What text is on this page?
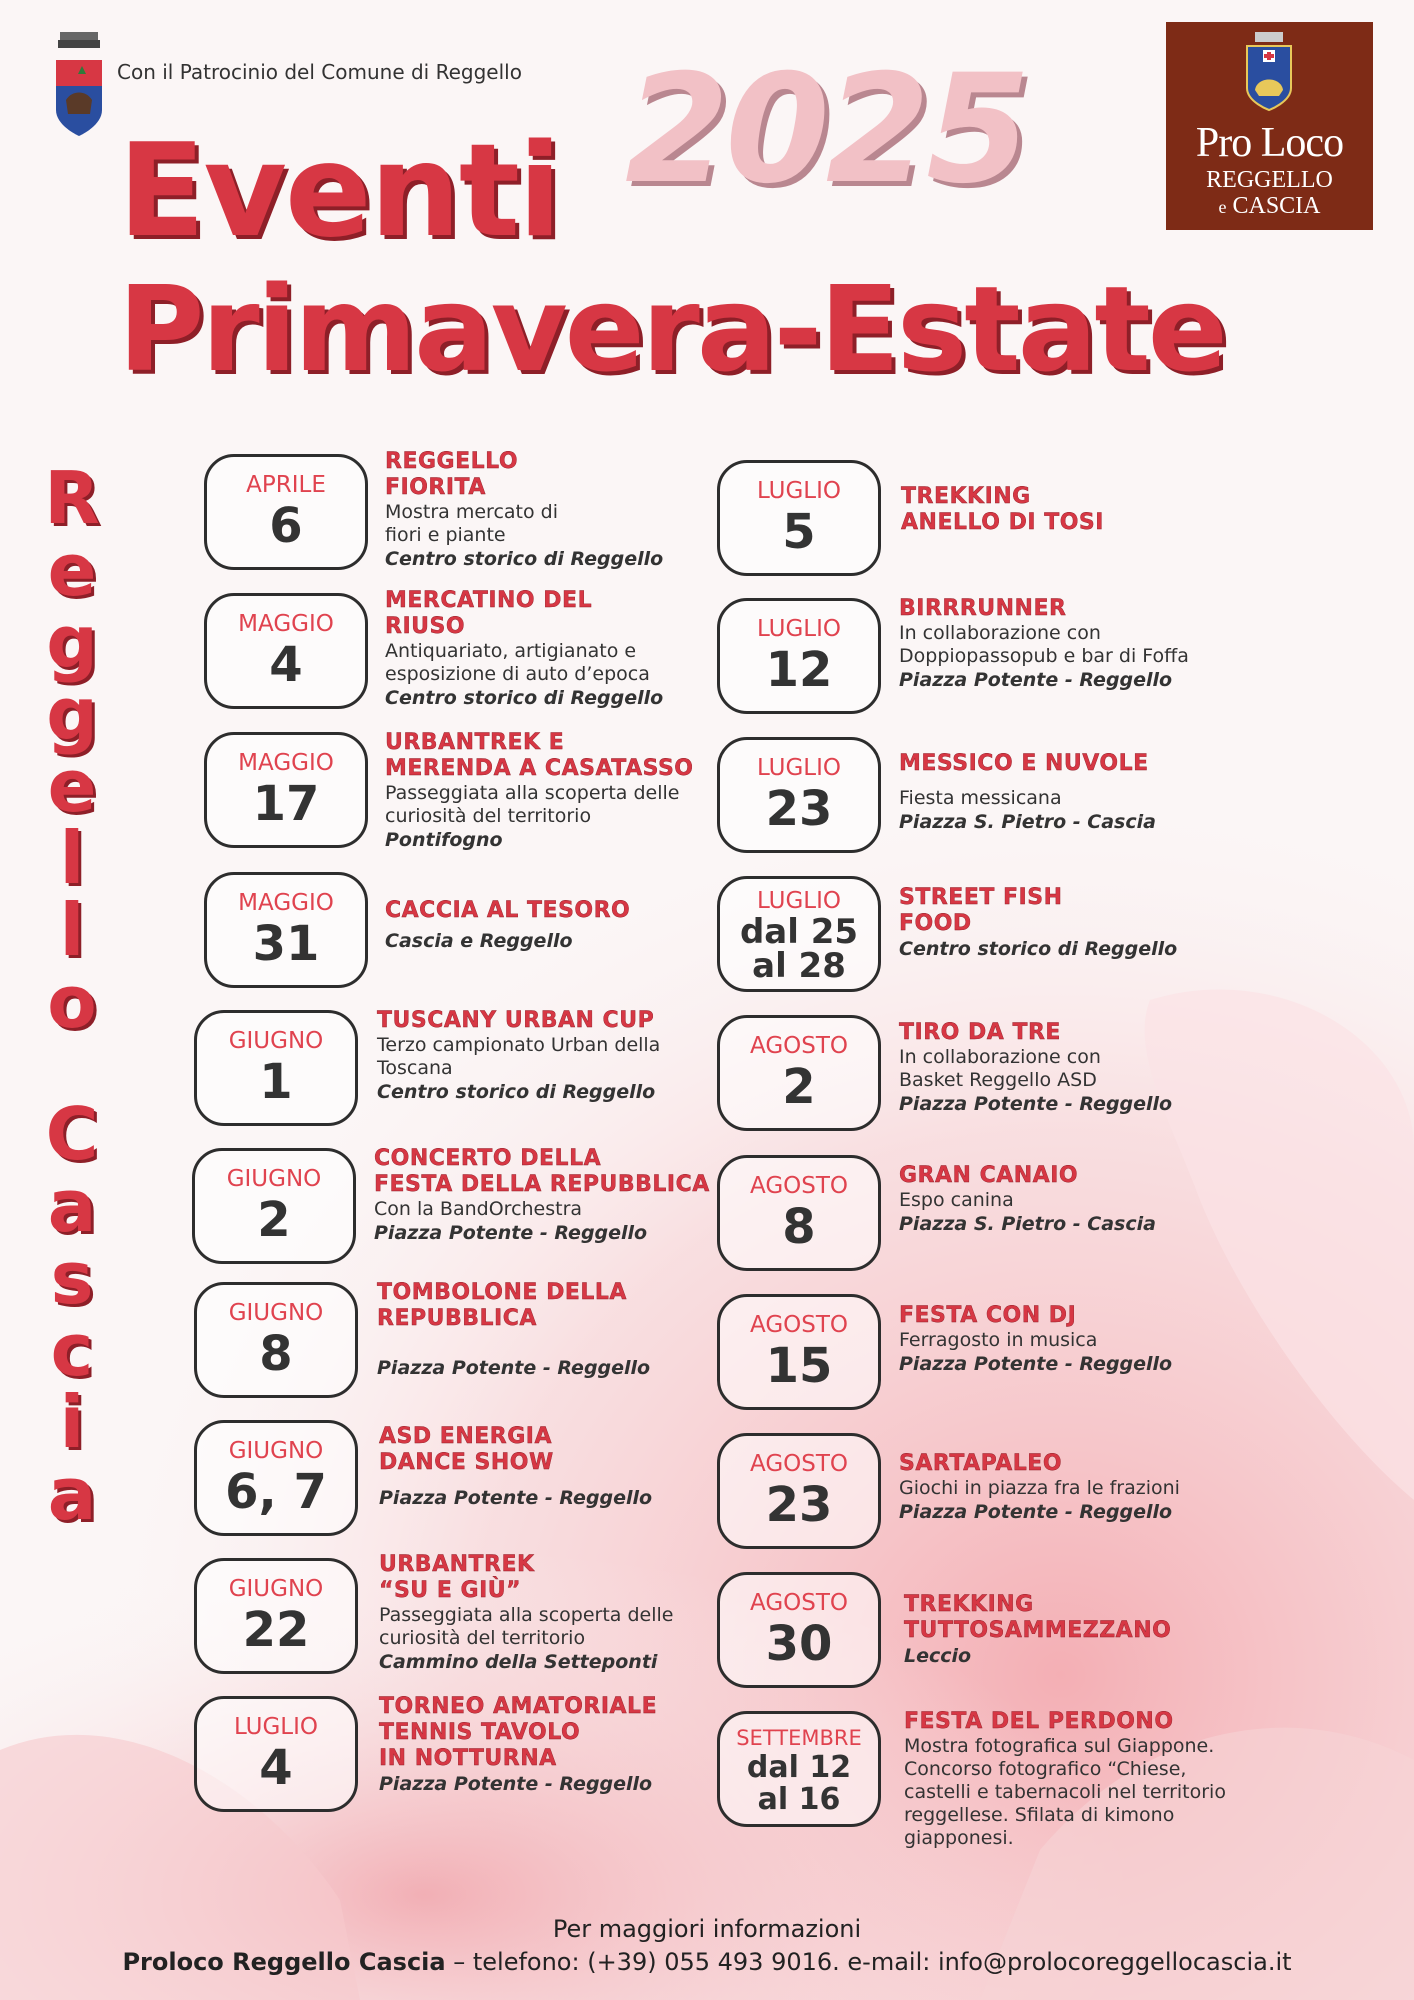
Con il Patrocinio del Comune di Reggello 2025
Eventi
Primavera-Estate
Pro Loco
REGGELLO
e CASCIA
R
e
g
g
e
l
l
o
C
a
s
c
i
a
APRILE
6
REGGELLO
FIORITA
Mostra mercato di
fiori e piante
Centro storico di Reggello
MAGGIO
4
MERCATINO DEL
RIUSO
Antiquariato, artigianato e
esposizione di auto d’epoca
Centro storico di Reggello
MAGGIO
17
URBANTREK E
MERENDA A CASATASSO
Passeggiata alla scoperta delle
curiosità del territorio
Pontifogno
MAGGIO
31
CACCIA AL TESORO
Cascia e Reggello
GIUGNO
1
TUSCANY URBAN CUP
Terzo campionato Urban della
Toscana
Centro storico di Reggello
GIUGNO
2
CONCERTO DELLA
FESTA DELLA REPUBBLICA
Con la BandOrchestra
Piazza Potente - Reggello
GIUGNO
8
TOMBOLONE DELLA
REPUBBLICA
Piazza Potente - Reggello
GIUGNO
6, 7
ASD ENERGIA
DANCE SHOW
Piazza Potente - Reggello
GIUGNO
22
URBANTREK
“SU E GIÙ”
Passeggiata alla scoperta delle
curiosità del territorio
Cammino della Setteponti
LUGLIO
4
TORNEO AMATORIALE
TENNIS TAVOLO
IN NOTTURNA
Piazza Potente - Reggello
LUGLIO
5
TREKKING
ANELLO DI TOSI
LUGLIO
12
BIRRRUNNER
In collaborazione con
Doppiopassopub e bar di Foffa
Piazza Potente - Reggello
LUGLIO
23
MESSICO E NUVOLE
Fiesta messicana
Piazza S. Pietro - Cascia
LUGLIO
dal 25
al 28
STREET FISH
FOOD
Centro storico di Reggello
AGOSTO
2
TIRO DA TRE
In collaborazione con
Basket Reggello ASD
Piazza Potente - Reggello
AGOSTO
8
GRAN CANAIO
Espo canina
Piazza S. Pietro - Cascia
AGOSTO
15
FESTA CON DJ
Ferragosto in musica
Piazza Potente - Reggello
AGOSTO
23
SARTAPALEO
Giochi in piazza fra le frazioni
Piazza Potente - Reggello
AGOSTO
30
TREKKING
TUTTOSAMMEZZANO
Leccio
SETTEMBRE
dal 12
al 16
FESTA DEL PERDONO
Mostra fotografica sul Giappone.
Concorso fotografico “Chiese,
castelli e tabernacoli nel territorio
reggellese. Sfilata di kimono
giapponesi.
Per maggiori informazioni
Proloco Reggello Cascia – telefono: (+39) 055 493 9016. e-mail: info@prolocoreggellocascia.it
